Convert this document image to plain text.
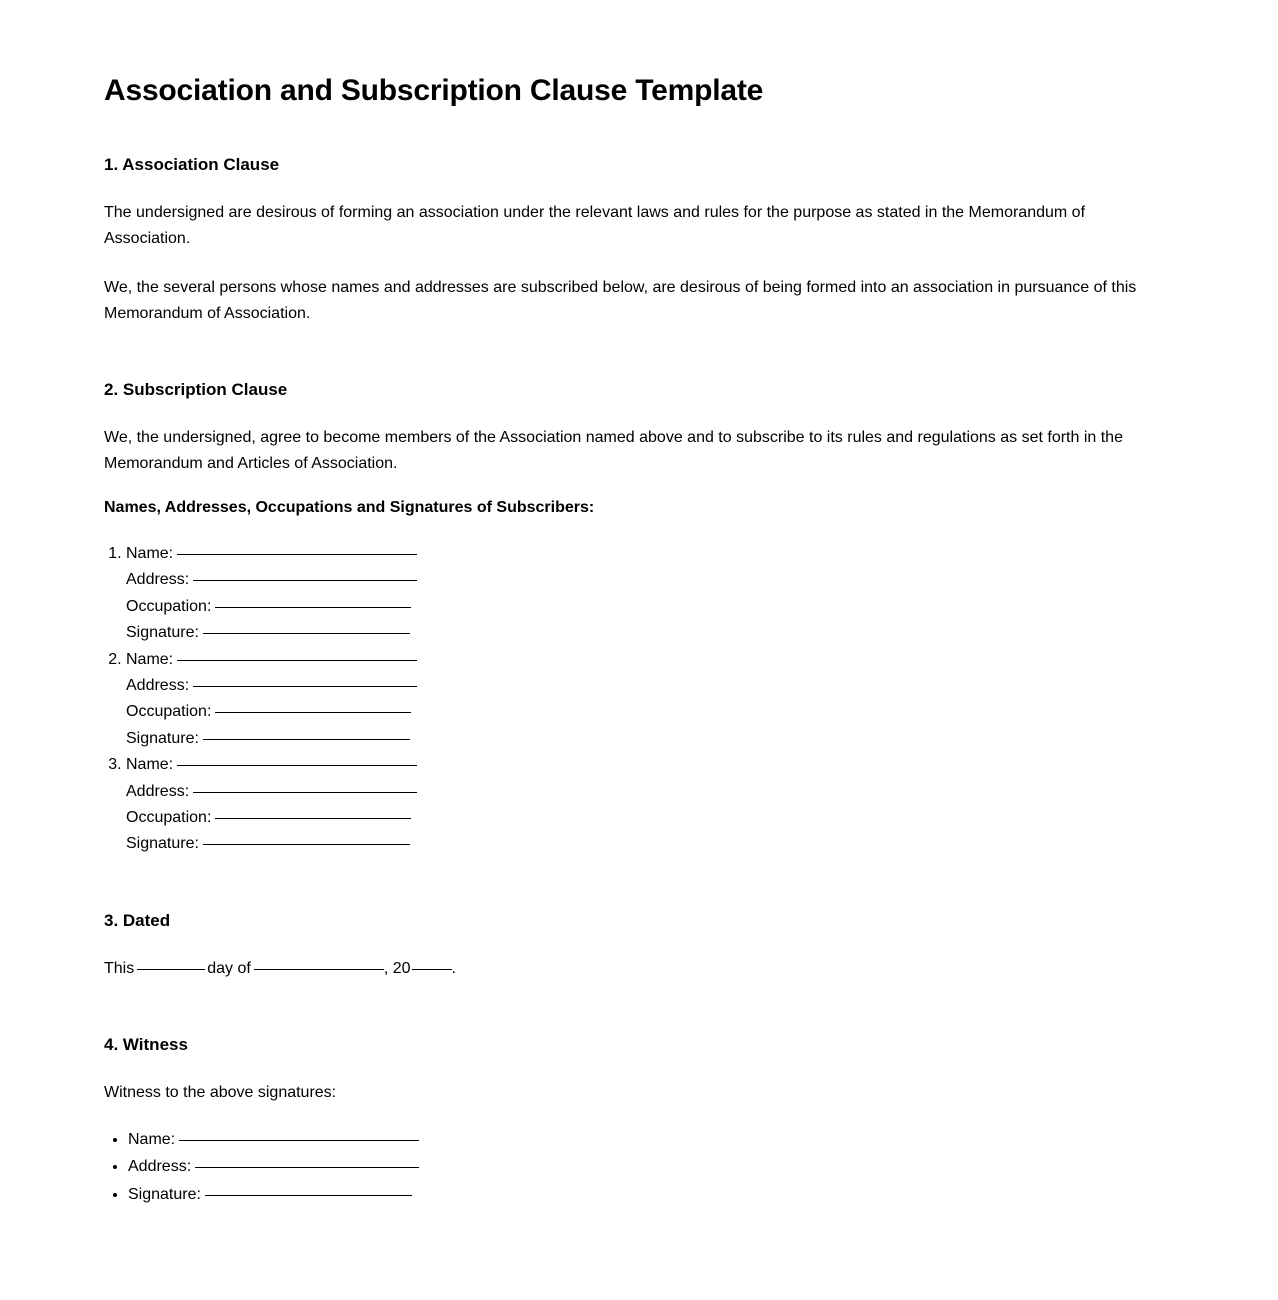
Association and Subscription Clause Template
1. Association Clause

The undersigned are desirous of forming an association under the relevant laws and rules for the purpose as stated in the Memorandum of Association.

We, the several persons whose names and addresses are subscribed below, are desirous of being formed into an association in pursuance of this Memorandum of Association.

2. Subscription Clause

We, the undersigned, agree to become members of the Association named above and to subscribe to its rules and regulations as set forth in the Memorandum and Articles of Association.

Names, Addresses, Occupations and Signatures of Subscribers:

1. Name:
Address:
Occupation:
Signature:
2. Name:
Address:
Occupation:
Signature:
3. Name:
Address:
Occupation:
Signature:
3. Dated

This	day of	, 20	.

4. Witness

Witness to the above signatures:

• Name:
• Address:
• Signature:
